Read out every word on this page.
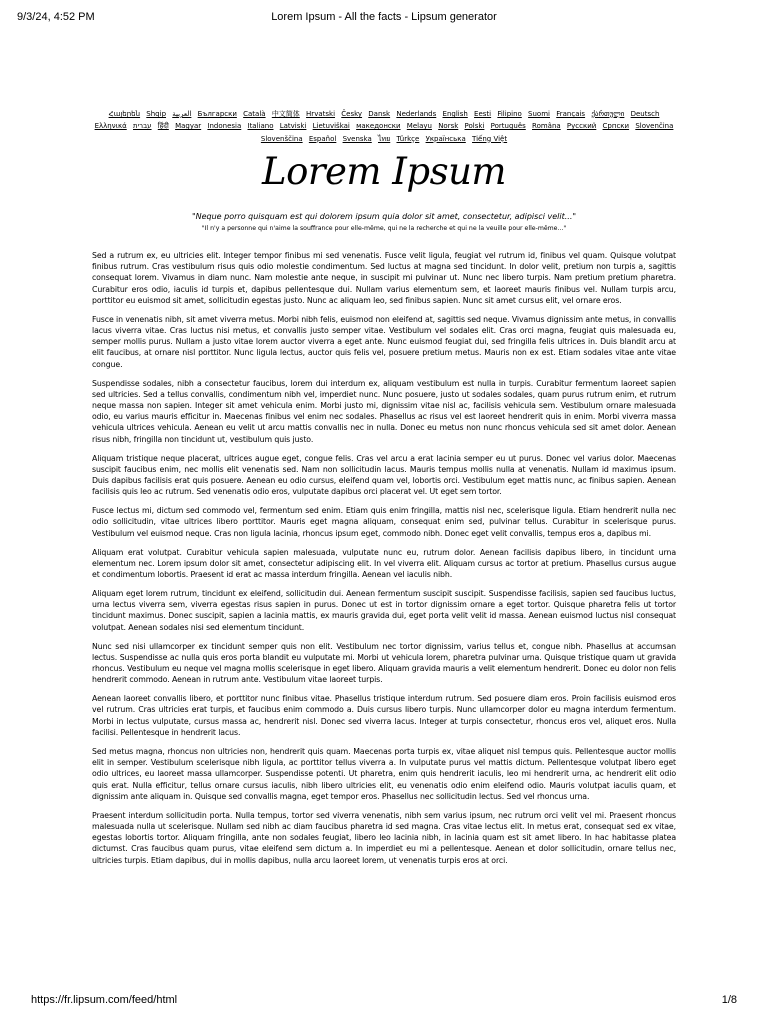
9/3/24, 4:52 PM	Lorem Ipsum - All the facts - Lipsum generator
Հայերեն Shqip العربية Български Català 中文简体 Hrvatski Česky Dansk Nederlands English Eesti Filipino Suomi Français ქართული Deutsch Ελληνικά עברית हिंदी Magyar Indonesia Italiano Latviski Lietuviškai македонски Melayu Norsk Polski Português Româna Pyccкий Српски Slovenčina Slovenščina Español Svenska ไทย Türkçe Українська Tiếng Việt
Lorem Ipsum
"Neque porro quisquam est qui dolorem ipsum quia dolor sit amet, consectetur, adipisci velit..."
"Il n'y a personne qui n'aime la souffrance pour elle-même, qui ne la recherche et qui ne la veuille pour elle-même..."

Sed a rutrum ex, eu ultricies elit. Integer tempor finibus mi sed venenatis. Fusce velit ligula, feugiat vel rutrum id, finibus vel quam. Quisque volutpat finibus rutrum. Cras vestibulum risus quis odio molestie condimentum. Sed luctus at magna sed tincidunt. In dolor velit, pretium non turpis a, sagittis consequat lorem. Vivamus in diam nunc. Nam molestie ante neque, in suscipit mi pulvinar ut. Nunc nec libero turpis. Nam pretium pretium pharetra. Curabitur eros odio, iaculis id turpis et, dapibus pellentesque dui. Nullam varius elementum sem, et laoreet mauris finibus vel. Nullam turpis arcu, porttitor eu euismod sit amet, sollicitudin egestas justo. Nunc ac aliquam leo, sed finibus sapien. Nunc sit amet cursus elit, vel ornare eros.

Fusce in venenatis nibh, sit amet viverra metus. Morbi nibh felis, euismod non eleifend at, sagittis sed neque. Vivamus dignissim ante metus, in convallis lacus viverra vitae. Cras luctus nisi metus, et convallis justo semper vitae. Vestibulum vel sodales elit. Cras orci magna, feugiat quis malesuada eu, semper mollis purus. Nullam a justo vitae lorem auctor viverra a eget ante. Nunc euismod feugiat dui, sed fringilla felis ultrices in. Duis blandit arcu at elit faucibus, at ornare nisl porttitor. Nunc ligula lectus, auctor quis felis vel, posuere pretium metus. Mauris non ex est. Etiam sodales vitae ante vitae congue.

Suspendisse sodales, nibh a consectetur faucibus, lorem dui interdum ex, aliquam vestibulum est nulla in turpis. Curabitur fermentum laoreet sapien sed ultricies. Sed a tellus convallis, condimentum nibh vel, imperdiet nunc. Nunc posuere, justo ut sodales sodales, quam purus rutrum enim, et rutrum neque massa non sapien. Integer sit amet vehicula enim. Morbi justo mi, dignissim vitae nisl ac, facilisis vehicula sem. Vestibulum ornare malesuada odio, eu varius mauris efficitur in. Maecenas finibus vel enim nec sodales. Phasellus ac risus vel est laoreet hendrerit quis in enim. Morbi viverra massa vehicula ultrices vehicula. Aenean eu velit ut arcu mattis convallis nec in nulla. Donec eu metus non nunc rhoncus vehicula sed sit amet dolor. Aenean risus nibh, fringilla non tincidunt ut, vestibulum quis justo.

Aliquam tristique neque placerat, ultrices augue eget, congue felis. Cras vel arcu a erat lacinia semper eu ut purus. Donec vel varius dolor. Maecenas suscipit faucibus enim, nec mollis elit venenatis sed. Nam non sollicitudin lacus. Mauris tempus mollis nulla at venenatis. Nullam id maximus ipsum. Duis dapibus facilisis erat quis posuere. Aenean eu odio cursus, eleifend quam vel, lobortis orci. Vestibulum eget mattis nunc, ac finibus sapien. Aenean facilisis quis leo ac rutrum. Sed venenatis odio eros, vulputate dapibus orci placerat vel. Ut eget sem tortor.

Fusce lectus mi, dictum sed commodo vel, fermentum sed enim. Etiam quis enim fringilla, mattis nisl nec, scelerisque ligula. Etiam hendrerit nulla nec odio sollicitudin, vitae ultrices libero porttitor. Mauris eget magna aliquam, consequat enim sed, pulvinar tellus. Curabitur in scelerisque purus. Vestibulum vel euismod neque. Cras non ligula lacinia, rhoncus ipsum eget, commodo nibh. Donec eget velit convallis, tempus eros a, dapibus mi.

Aliquam erat volutpat. Curabitur vehicula sapien malesuada, vulputate nunc eu, rutrum dolor. Aenean facilisis dapibus libero, in tincidunt urna elementum nec. Lorem ipsum dolor sit amet, consectetur adipiscing elit. In vel viverra elit. Aliquam cursus ac tortor at pretium. Phasellus cursus augue et condimentum lobortis. Praesent id erat ac massa interdum fringilla. Aenean vel iaculis nibh.

Aliquam eget lorem rutrum, tincidunt ex eleifend, sollicitudin dui. Aenean fermentum suscipit suscipit. Suspendisse facilisis, sapien sed faucibus luctus, urna lectus viverra sem, viverra egestas risus sapien in purus. Donec ut est in tortor dignissim ornare a eget tortor. Quisque pharetra felis ut tortor tincidunt maximus. Donec suscipit, sapien a lacinia mattis, ex mauris gravida dui, eget porta velit velit id massa. Aenean euismod luctus nisl consequat volutpat. Aenean sodales nisi sed elementum tincidunt.

Nunc sed nisi ullamcorper ex tincidunt semper quis non elit. Vestibulum nec tortor dignissim, varius tellus et, congue nibh. Phasellus at accumsan lectus. Suspendisse ac nulla quis eros porta blandit eu vulputate mi. Morbi ut vehicula lorem, pharetra pulvinar urna. Quisque tristique quam ut gravida rhoncus. Vestibulum eu neque vel magna mollis scelerisque in eget libero. Aliquam gravida mauris a velit elementum hendrerit. Donec eu dolor non felis hendrerit commodo. Aenean in rutrum ante. Vestibulum vitae laoreet turpis.

Aenean laoreet convallis libero, et porttitor nunc finibus vitae. Phasellus tristique interdum rutrum. Sed posuere diam eros. Proin facilisis euismod eros vel rutrum. Cras ultricies erat turpis, et faucibus enim commodo a. Duis cursus libero turpis. Nunc ullamcorper dolor eu magna interdum fermentum. Morbi in lectus vulputate, cursus massa ac, hendrerit nisl. Donec sed viverra lacus. Integer at turpis consectetur, rhoncus eros vel, aliquet eros. Nulla facilisi. Pellentesque in hendrerit lacus.

Sed metus magna, rhoncus non ultricies non, hendrerit quis quam. Maecenas porta turpis ex, vitae aliquet nisl tempus quis. Pellentesque auctor mollis elit in semper. Vestibulum scelerisque nibh ligula, ac porttitor tellus viverra a. In vulputate purus vel mattis dictum. Pellentesque volutpat libero eget odio ultrices, eu laoreet massa ullamcorper. Suspendisse potenti. Ut pharetra, enim quis hendrerit iaculis, leo mi hendrerit urna, ac hendrerit elit odio quis erat. Nulla efficitur, tellus ornare cursus iaculis, nibh libero ultricies elit, eu venenatis odio enim eleifend odio. Mauris volutpat iaculis quam, et dignissim ante aliquam in. Quisque sed convallis magna, eget tempor eros. Phasellus nec sollicitudin lectus. Sed vel rhoncus urna.

Praesent interdum sollicitudin porta. Nulla tempus, tortor sed viverra venenatis, nibh sem varius ipsum, nec rutrum orci velit vel mi. Praesent rhoncus malesuada nulla ut scelerisque. Nullam sed nibh ac diam faucibus pharetra id sed magna. Cras vitae lectus elit. In metus erat, consequat sed ex vitae, egestas lobortis tortor. Aliquam fringilla, ante non sodales feugiat, libero leo lacinia nibh, in lacinia quam est sit amet libero. In hac habitasse platea dictumst. Cras faucibus quam purus, vitae eleifend sem dictum a. In imperdiet eu mi a pellentesque. Aenean et dolor sollicitudin, ornare tellus nec, ultricies turpis. Etiam dapibus, dui in mollis dapibus, nulla arcu laoreet lorem, ut venenatis turpis eros at orci.

https://fr.lipsum.com/feed/html	1/8
